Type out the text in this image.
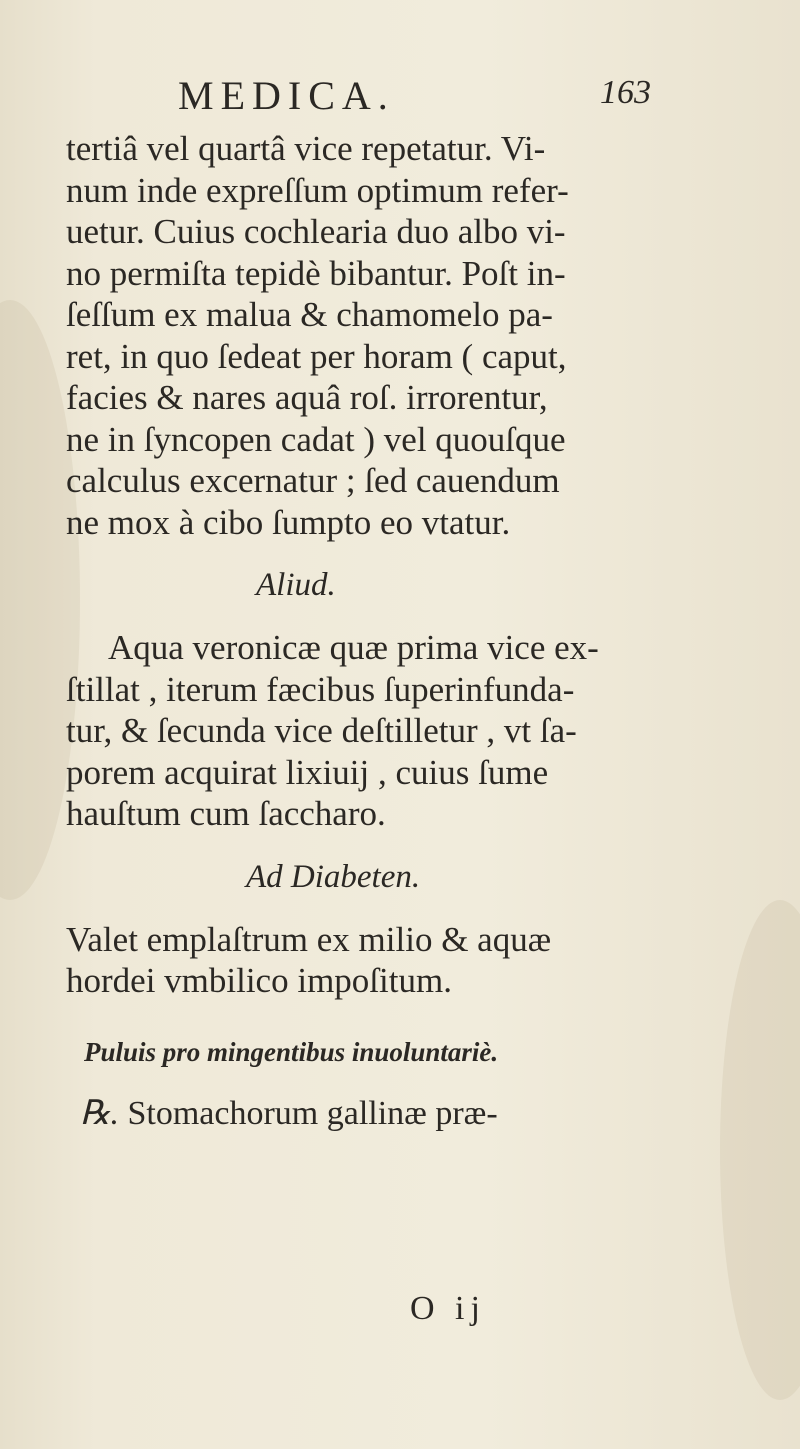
MEDICA.	163
tertiâ vel quartâ vice repetatur. Vi-
num inde expreſſum optimum refer-
uetur. Cuius cochlearia duo albo vi-
no permiſta tepidè bibantur. Poſt in-
ſeſſum ex malua & chamomelo pa-
ret, in quo ſedeat per horam ( caput,
facies & nares aquâ roſ. irrorentur,
ne in ſyncopen cadat ) vel quouſque
calculus excernatur ; ſed cauendum
ne mox à cibo ſumpto eo vtatur.
Aliud.
Aqua veronicæ quæ prima vice ex-
ſtillat , iterum fæcibus ſuperinfunda-
tur, & ſecunda vice deſtilletur , vt ſa-
porem acquirat lixiuij , cuius ſume
hauſtum cum ſaccharo.
Ad Diabeten.
Valet emplaſtrum ex milio & aquæ
hordei vmbilico impoſitum.
Puluis pro mingentibus inuoluntariè.
℞. Stomachorum gallinæ præ-
O ij
